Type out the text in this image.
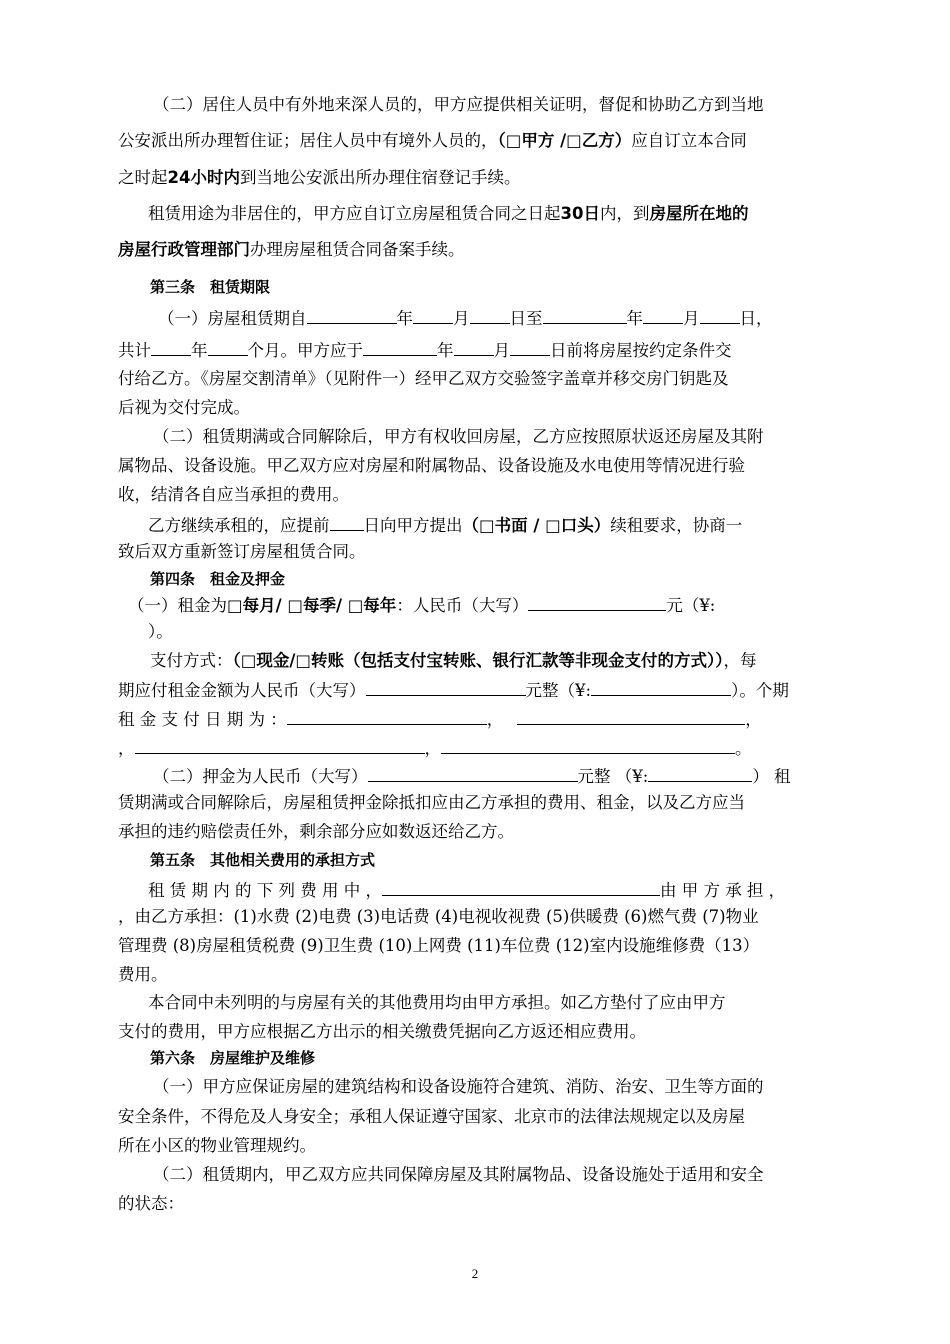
（二）居住人员中有外地来深人员的，甲方应提供相关证明，督促和协助乙方到当地
公安派出所办理暂住证；居住人员中有境外人员的，（□甲方 /□乙方）应自订立本合同
之时起24小时内到当地公安派出所办理住宿登记手续。
租赁用途为非居住的，甲方应自订立房屋租赁合同之日起30日内，到房屋所在地的
房屋行政管理部门办理房屋租赁合同备案手续。
第三条　租赁期限
（一）房屋租赁期自	年 月 日至	年 月 日，
共计 年 个月。甲方应于	年 月 日前将房屋按约定条件交
付给乙方。《房屋交割清单》（见附件一）经甲乙双方交验签字盖章并移交房门钥匙及
后视为交付完成。
（二）租赁期满或合同解除后，甲方有权收回房屋，乙方应按照原状返还房屋及其附
属物品、设备设施。甲乙双方应对房屋和附属物品、设备设施及水电使用等情况进行验
收，结清各自应当承担的费用。
乙方继续承租的，应提前 日向甲方提出（□书面 / □口头）续租要求，协商一
致后双方重新签订房屋租赁合同。
第四条　租金及押金
（一）租金为□每月/ □每季/ □每年：人民币（大写）	元（¥:
）。
支付方式：（□现金/□转账（包括支付宝转账、银行汇款等非现金支付的方式）），每
期应付租金金额为人民币（大写）	元整（¥:	）。个期
租 金 支 付 日 期 为 ：	，	，
，	，	。
（二）押金为人民币（大写）	元整 （¥:	） 租
赁期满或合同解除后，房屋租赁押金除抵扣应由乙方承担的费用、租金，以及乙方应当
承担的违约赔偿责任外，剩余部分应如数返还给乙方。
第五条　其他相关费用的承担方式
租 赁 期 内 的 下 列 费 用 中 ，	由 甲 方 承 担 ，
，由乙方承担：(1)水费 (2)电费 (3)电话费 (4)电视收视费 (5)供暖费 (6)燃气费 (7)物业
管理费 (8)房屋租赁税费 (9)卫生费 (10)上网费 (11)车位费 (12)室内设施维修费（13）
费用。
本合同中未列明的与房屋有关的其他费用均由甲方承担。如乙方垫付了应由甲方
支付的费用，甲方应根据乙方出示的相关缴费凭据向乙方返还相应费用。
第六条　房屋维护及维修
（一）甲方应保证房屋的建筑结构和设备设施符合建筑、消防、治安、卫生等方面的
安全条件，不得危及人身安全；承租人保证遵守国家、北京市的法律法规规定以及房屋
所在小区的物业管理规约。
（二）租赁期内，甲乙双方应共同保障房屋及其附属物品、设备设施处于适用和安全
的状态：
2
